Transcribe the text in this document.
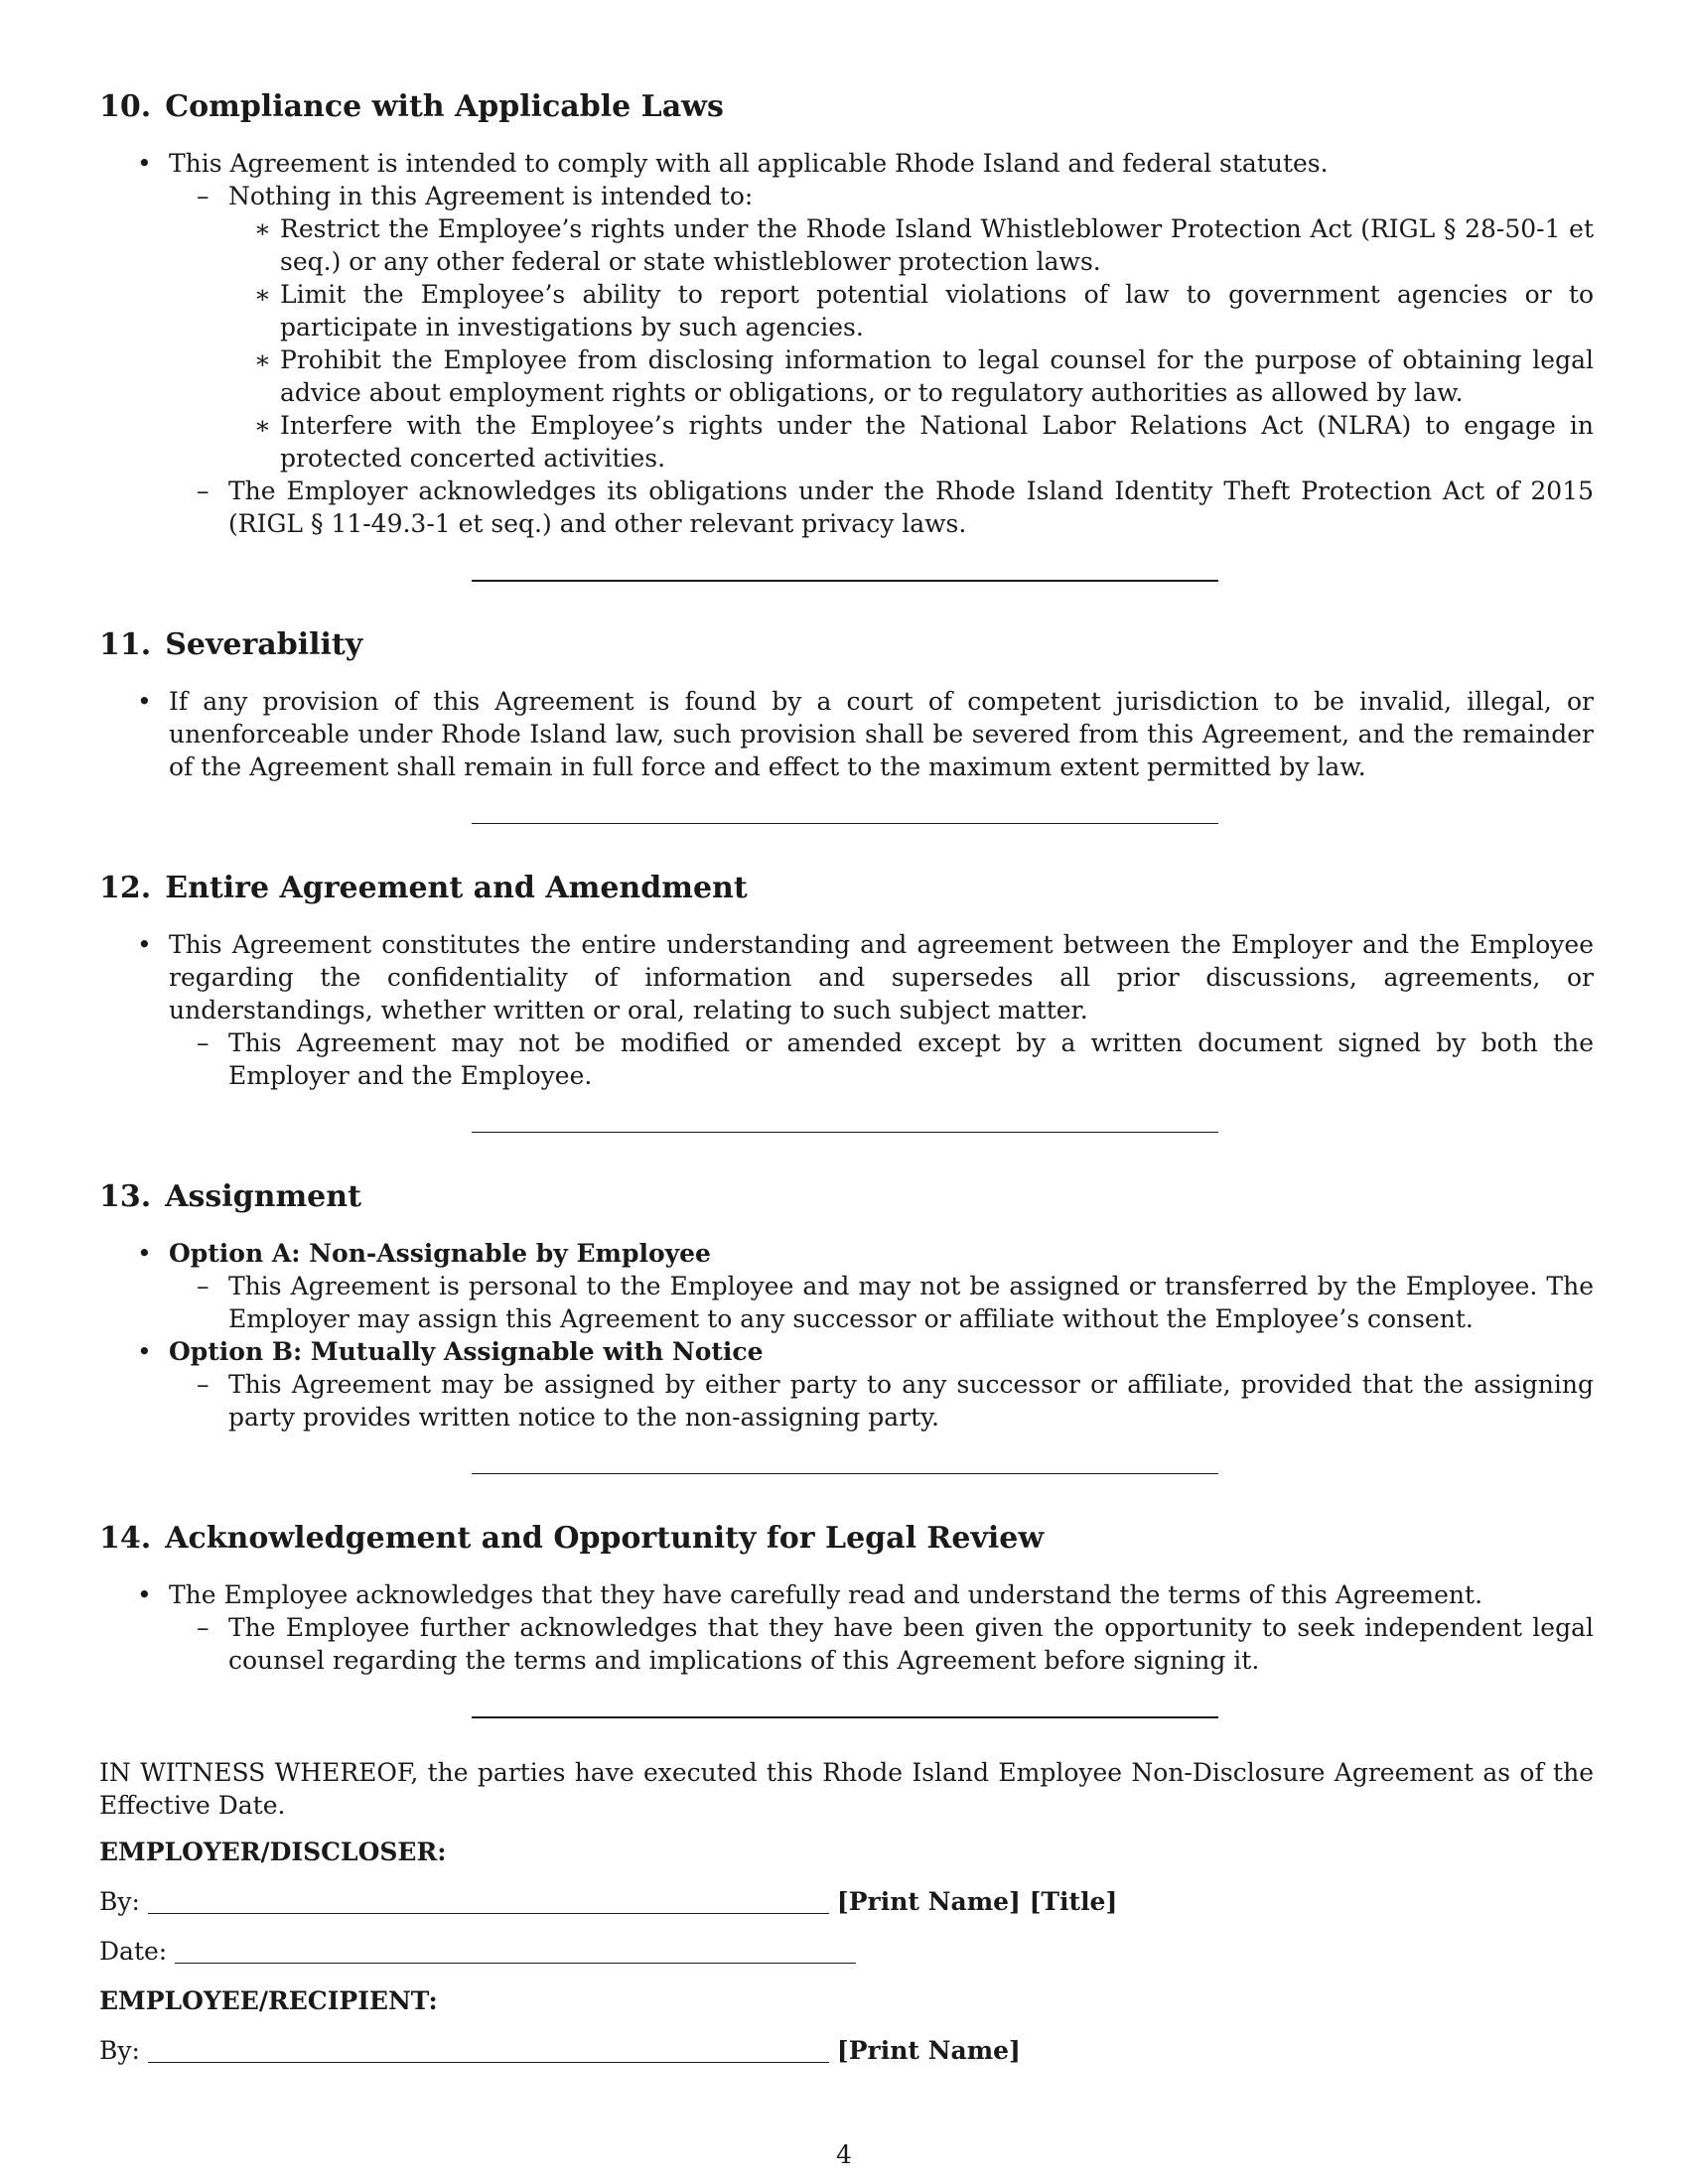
10. Compliance with Applicable Laws
• This Agreement is intended to comply with all applicable Rhode Island and federal statutes.
– Nothing in this Agreement is intended to:
∗ Restrict the Employee’s rights under the Rhode Island Whistleblower Protection Act (RIGL § 28-50-1 et seq.) or any other federal or state whistleblower protection laws.
∗ Limit the Employee’s ability to report potential violations of law to government agencies or to participate in investigations by such agencies.
∗ Prohibit the Employee from disclosing information to legal counsel for the purpose of obtaining legal advice about employment rights or obligations, or to regulatory authorities as allowed by law.
∗ Interfere with the Employee’s rights under the National Labor Relations Act (NLRA) to engage in protected concerted activities.
– The Employer acknowledges its obligations under the Rhode Island Identity Theft Protection Act of 2015 (RIGL § 11-49.3-1 et seq.) and other relevant privacy laws.
11. Severability
• If any provision of this Agreement is found by a court of competent jurisdiction to be invalid, illegal, or unenforceable under Rhode Island law, such provision shall be severed from this Agreement, and the remainder of the Agreement shall remain in full force and effect to the maximum extent permitted by law.
12. Entire Agreement and Amendment
• This Agreement constitutes the entire understanding and agreement between the Employer and the Employee regarding the confidentiality of information and supersedes all prior discussions, agreements, or understandings, whether written or oral, relating to such subject matter.
– This Agreement may not be modified or amended except by a written document signed by both the Employer and the Employee.
13. Assignment
• Option A: Non-Assignable by Employee
– This Agreement is personal to the Employee and may not be assigned or transferred by the Employee. The Employer may assign this Agreement to any successor or affiliate without the Employee’s consent.
• Option B: Mutually Assignable with Notice
– This Agreement may be assigned by either party to any successor or affiliate, provided that the assigning party provides written notice to the non-assigning party.
14. Acknowledgement and Opportunity for Legal Review
• The Employee acknowledges that they have carefully read and understand the terms of this Agreement.
– The Employee further acknowledges that they have been given the opportunity to seek independent legal counsel regarding the terms and implications of this Agreement before signing it.

IN WITNESS WHEREOF, the parties have executed this Rhode Island Employee Non-Disclosure Agreement as of the Effective Date.

EMPLOYER/DISCLOSER:
By:	[Print Name] [Title]
Date:
EMPLOYEE/RECIPIENT:
By:	[Print Name]
4
